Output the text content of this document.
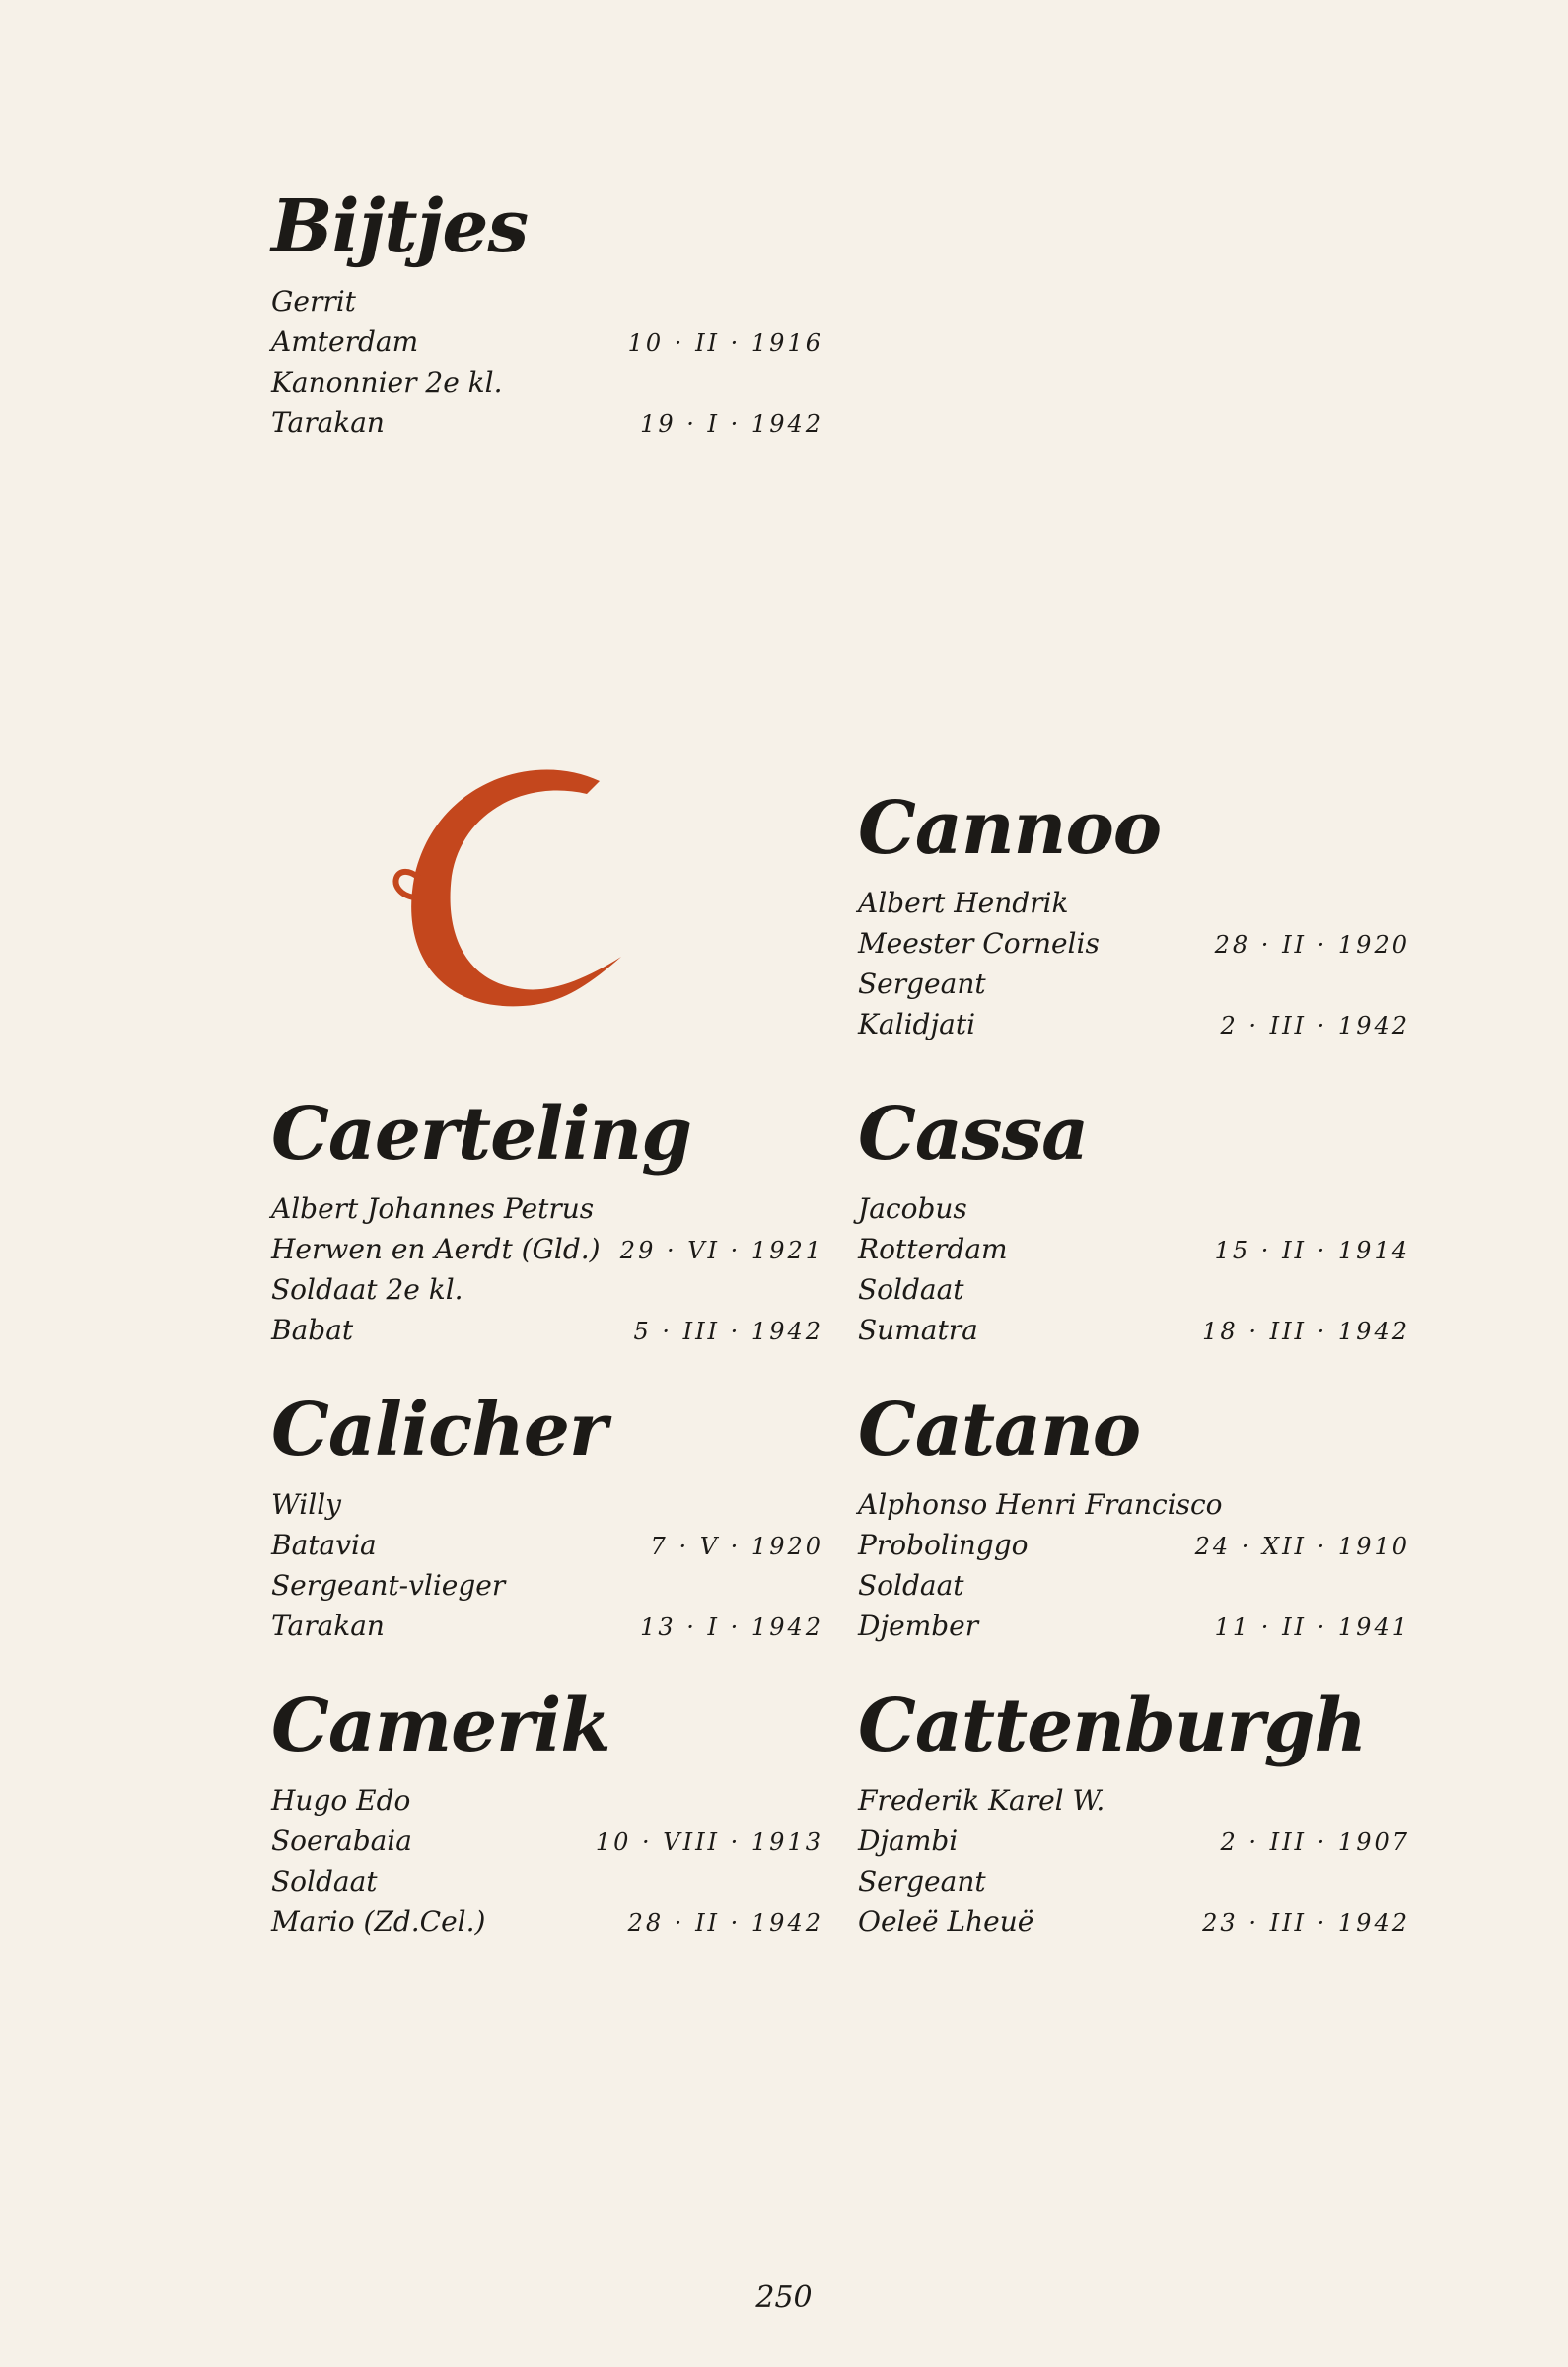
Bijtjes
Gerrit
Amterdam	10 · II · 1916
Kanonnier 2e kl.
Tarakan	19 · I · 1942
Caerteling
Albert Johannes Petrus
Herwen en Aerdt (Gld.) 29 · VI · 1921
Soldaat 2e kl.
Babat	5 · III · 1942
Calicher
Willy
Batavia	7 · V · 1920
Sergeant-vlieger
Tarakan	13 · I · 1942
Camerik
Hugo Edo
Soerabaia	10 · VIII · 1913
Soldaat
Mario (Zd.Cel.)	28 · II · 1942
C
Cannoo
Albert Hendrik
Meester Cornelis	28 · II · 1920
Sergeant
Kalidjati	2 · III · 1942
Cassa
Jacobus
Rotterdam	15 · II · 1914
Soldaat
Sumatra	18 · III · 1942
Catano
Alphonso Henri Francisco
Probolinggo	24 · XII · 1910
Soldaat
Djember	11 · II · 1941
Cattenburgh
Frederik Karel W.
Djambi	2 · III · 1907
Sergeant
Oeleë Lheuë	23 · III · 1942
250
